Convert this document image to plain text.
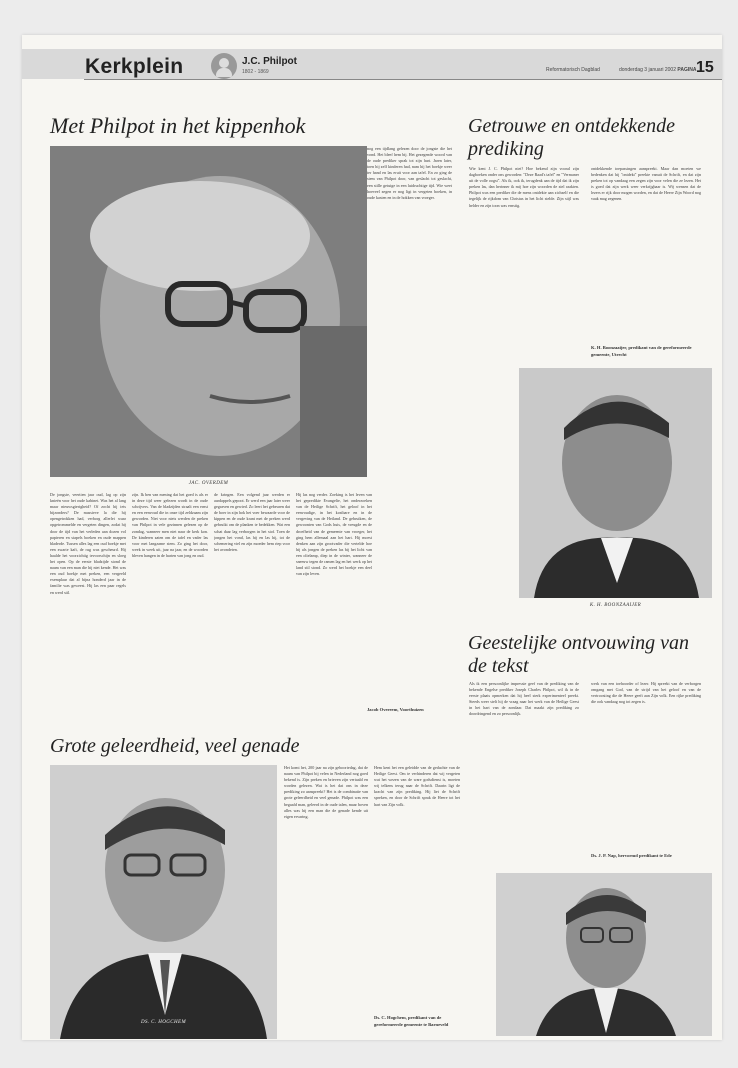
Kerkplein	J.C. Philpot
1802 - 1869	Reformatorisch Dagblad	donderdag 3 januari 2002 PAGINA 15
Met Philpot in het kippenhok
JAC. OVERDEM
De jongste, veertien jaar oud, lag op zijn knieën voor het oude kabinet. Was het al lang maar nieuwsgierigheid? Of zocht hij iets bijzonders? De massieve la die hij opengetrokken had, verborg allerlei waar opgetrommelde en vergeten dingen, zodat hij door de tijd van het verleden aan dozen vol papieren en stapels boeken en oude mappen bladerde. Tussen alles lag een oud boekje met een zwarte kaft, de rug was gescheurd. Hij haalde het voorzichtig tevoorschijn en sloeg het open. Op de eerste bladzijde stond de naam van een man die hij niet kende. Het was een oud boekje met preken, een vergeeld exemplaar dat al bijna honderd jaar in de familie was geweest. Hij las een paar regels en werd stil.
zijn. Ik ben van mening dat het goed is als er in deze tijd weer gelezen wordt in de oude schrijvers. Van de bladzijden straalt een ernst en een eenvoud die in onze tijd zeldzaam zijn geworden. Niet voor niets werden de preken van Philpot in vele gezinnen gelezen op de zondag, wanneer men niet naar de kerk kon. De kinderen zaten om de tafel en vader las voor met langzame stem. Zo ging het door, week in week uit, jaar na jaar, en de woorden bleven hangen in de harten van jong en oud.
de kringen. Een volgend jaar werden er aardappels gepoot. Er werd een jaar later weer gegraven en gewied. Zo leert het gebeuren dat de boer in zijn hok het voer bewaarde voor de kippen en de oude krant met de preken werd gebruikt om de planken te bedekken. Wat een schat daar lag verborgen in het stof. Toen de jongen het vond, las hij en las hij, tot de schemering viel en zijn moeder hem riep voor het avondeten.
Hij las nog verder. Zoeking is het leven van het gepredikte Evangelie, het onderzoeken van de Heilige Schrift, het geloof in het eenvoudige, in het kostbare en in de vergeving van de Heiland. De gebruiken, de gewoonten van Gods huis, de vreugde en de droefheid van de gemeente van vroeger, het ging hem allemaal aan het hart. Hij moest denken aan zijn grootvader die vertelde hoe hij als jongen de preken las bij het licht van een olielamp, diep in de winter, wanneer de sneeuw tegen de ramen lag en het werk op het land stil stond. Zo werd het boekje een deel van zijn leven.
nog een tijdlang gelezen door de jongste die het vond. Het bleef hem bij. Het gezegende woord van de oude prediker sprak tot zijn hart. Jaren later, toen hij zelf kinderen had, nam hij het boekje weer ter hand en las eruit voor aan tafel. En zo ging de stem van Philpot door, van geslacht tot geslacht, een stille getuige in een luidruchtige tijd. Wie weet hoeveel zegen er nog ligt in vergeten boeken, in oude kasten en in de hokken van vroeger.
Jacob Overeem, Voorthuizen
Getrouwe en ontdekkende prediking
Wie kent J. C. Philpot niet? Hoe bekend zijn vooral zijn dagboeken onder ons geworden: "Deze Raad's tafel" en "Vermaner uit de volle oogst". Als ik, ook ik, terugdenk aan de tijd dat ik zijn preken las, dan herinner ik mij hoe zijn woorden de ziel raakten. Philpot was een prediker die de mens ontdekte aan zichzelf en die tegelijk de rijkdom van Christus in het licht stelde. Zijn stijl was helder en zijn toon was ernstig.
ontdekkende toepassingen aanspreekt. Maar dan moeten we bedenken dat hij "ontdekt" preekte vanuit de Schrift, en dat zijn preken tot op vandaag een zegen zijn voor velen die ze lezen. Het is goed dat zijn werk weer verkrijgbaar is. Wij wensen dat de lezers er rijk door mogen worden, en dat de Heere Zijn Woord nog vaak mag zegenen.
K. H. Boonzaaijer, predikant van de gereformeerde gemeente, Utrecht
K. H. BOONZAAIJER
Geestelijke ontvouwing van de tekst
Als ik een persoonlijke impressie geef van de prediking van de bekende Engelse prediker Joseph Charles Philpot, wil ik in de eerste plaats opmerken dat hij heel sterk experimenteel preekt. Steeds weer stelt hij de vraag naar het werk van de Heilige Geest in het hart van de zondaar. Dat maakt zijn prediking zo doordringend en zo persoonlijk.
werk van een toehoorder of lezer. Hij spreekt van de verborgen omgang met God, van de strijd van het geloof en van de vertroosting die de Heere geeft aan Zijn volk. Een rijke prediking die ook vandaag nog tot zegen is.
Ds. J. P. Nap, hervormd predikant te Ede
Grote geleerdheid, veel genade
DS. C. HOGCHEM
Het komt het, 200 jaar na zijn geboortedag, dat de naam van Philpot bij velen in Nederland nog goed bekend is. Zijn preken en brieven zijn vertaald en worden gelezen. Wat is het dat ons in deze prediking zo aanspreekt? Het is de combinatie van grote geleerdheid en veel genade. Philpot was een begaafd man, geleerd in de oude talen, maar boven alles was hij een man die de genade kende uit eigen ervaring.
Hem kent het een geleidde van de gedachte van de Heilige Geest. Om te verhinderen dat wij vergeten wat het wezen van de ware godsdienst is, moeten wij telkens terug naar de Schrift. Daarin ligt de kracht van zijn prediking. Hij liet de Schrift spreken, en door de Schrift sprak de Heere tot het hart van Zijn volk.
Ds. C. Hogchem, predikant van de gereformeerde gemeente te Barneveld
